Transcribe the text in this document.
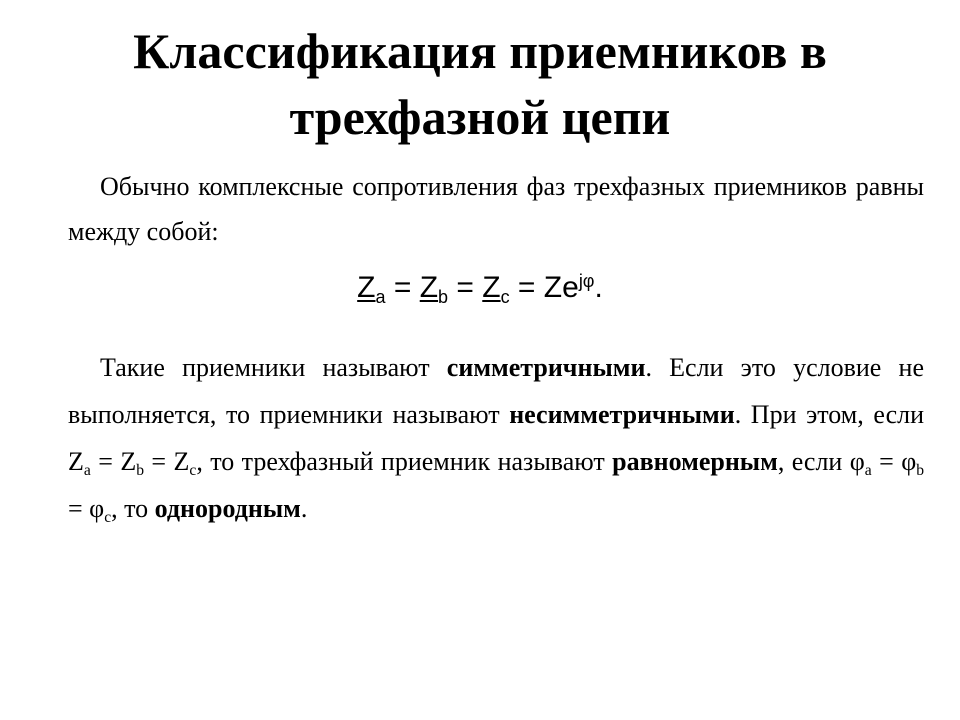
Классификация приемников в
трехфазной цепи

Обычно комплексные сопротивления фаз трехфазных приемников равны между собой:

$Z_a = Z_b = Z_c = Ze^{j\varphi}$.

Такие приемники называют симметричными. Если это условие не выполняется, то приемники называют несимметричными. При этом, если $Z_a = Z_b = Z_c$, то трехфазный приемник называют равномерным, если $\varphi_a = \varphi_b = \varphi_c$, то однородным.
